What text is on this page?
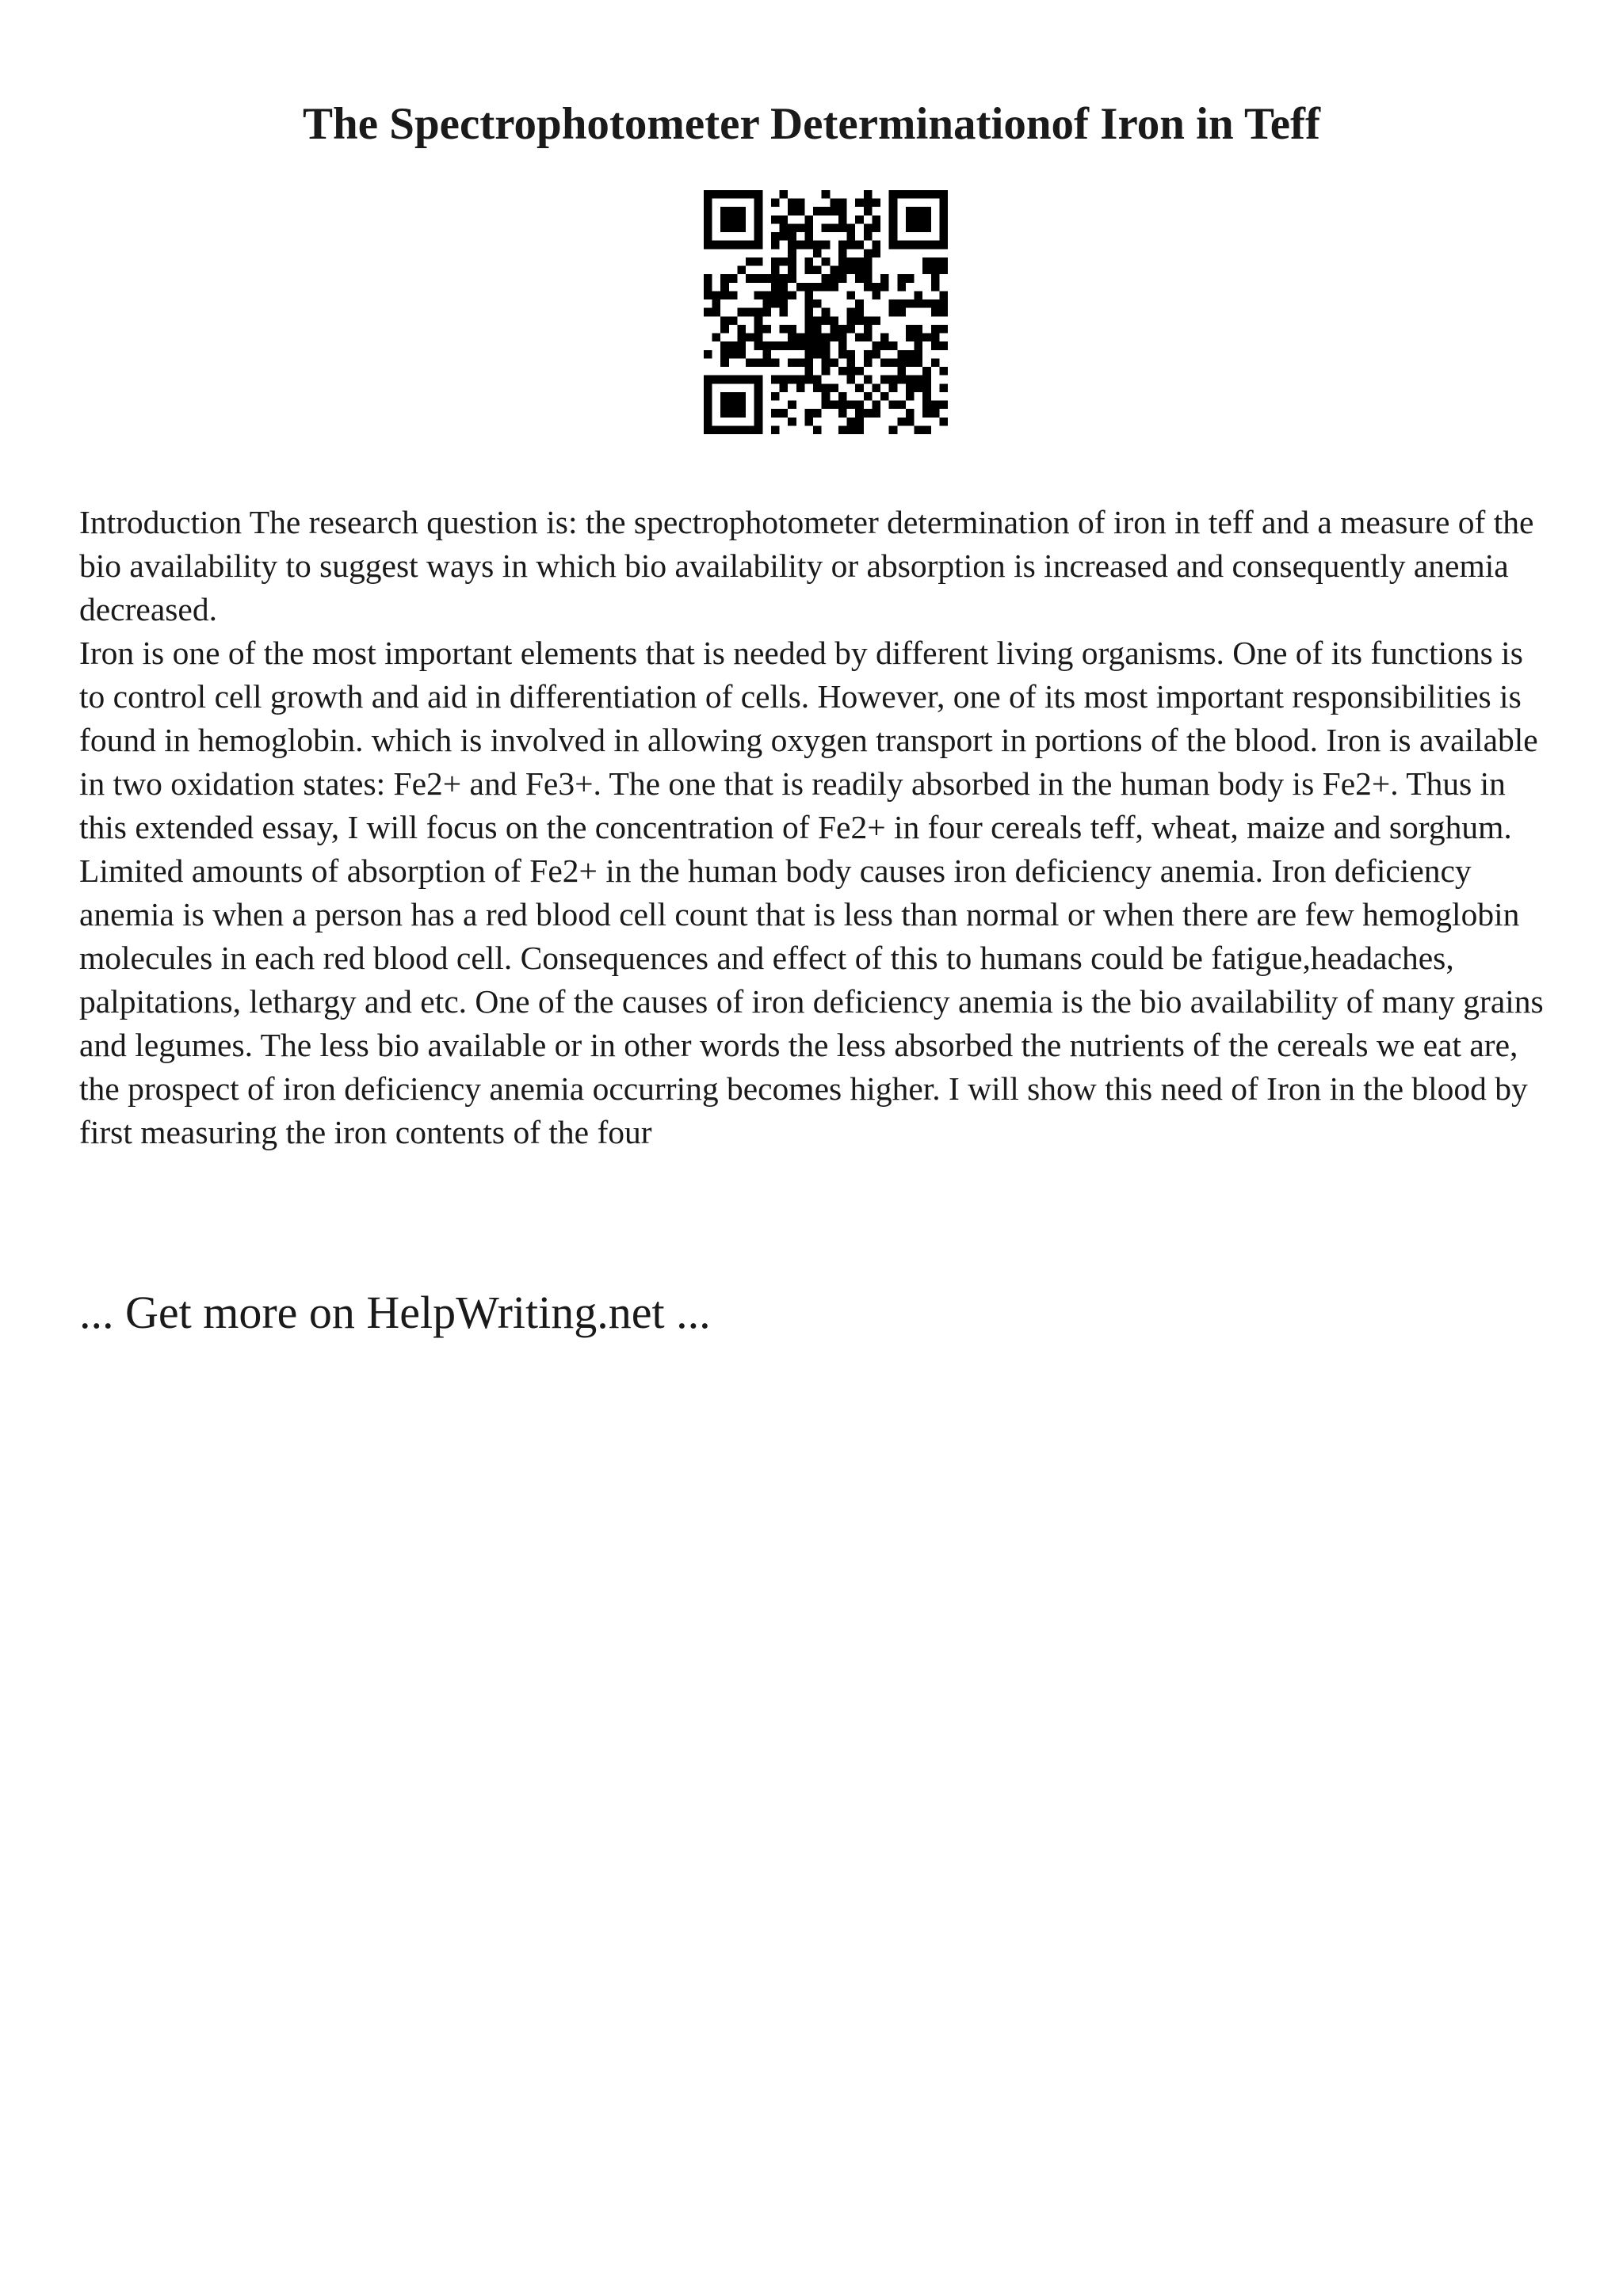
The Spectrophotometer Determinationof Iron in Teff

Introduction The research question is: the spectrophotometer determination of iron in teff and a measure of the bio availability to suggest ways in which bio availability or absorption is increased and consequently anemia decreased.

Iron is one of the most important elements that is needed by different living organisms. One of its functions is to control cell growth and aid in differentiation of cells. However, one of its most important responsibilities is found in hemoglobin. which is involved in allowing oxygen transport in portions of the blood. Iron is available in two oxidation states: Fe2+ and Fe3+. The one that is readily absorbed in the human body is Fe2+. Thus in this extended essay, I will focus on the concentration of Fe2+ in four cereals teff, wheat, maize and sorghum. Limited amounts of absorption of Fe2+ in the human body causes iron deficiency anemia. Iron deficiency anemia is when a person has a red blood cell count that is less than normal or when there are few hemoglobin molecules in each red blood cell. Consequences and effect of this to humans could be fatigue,headaches, palpitations, lethargy and etc. One of the causes of iron deficiency anemia is the bio availability of many grains and legumes. The less bio available or in other words the less absorbed the nutrients of the cereals we eat are, the prospect of iron deficiency anemia occurring becomes higher. I will show this need of Iron in the blood by first measuring the iron contents of the four

... Get more on HelpWriting.net ...
